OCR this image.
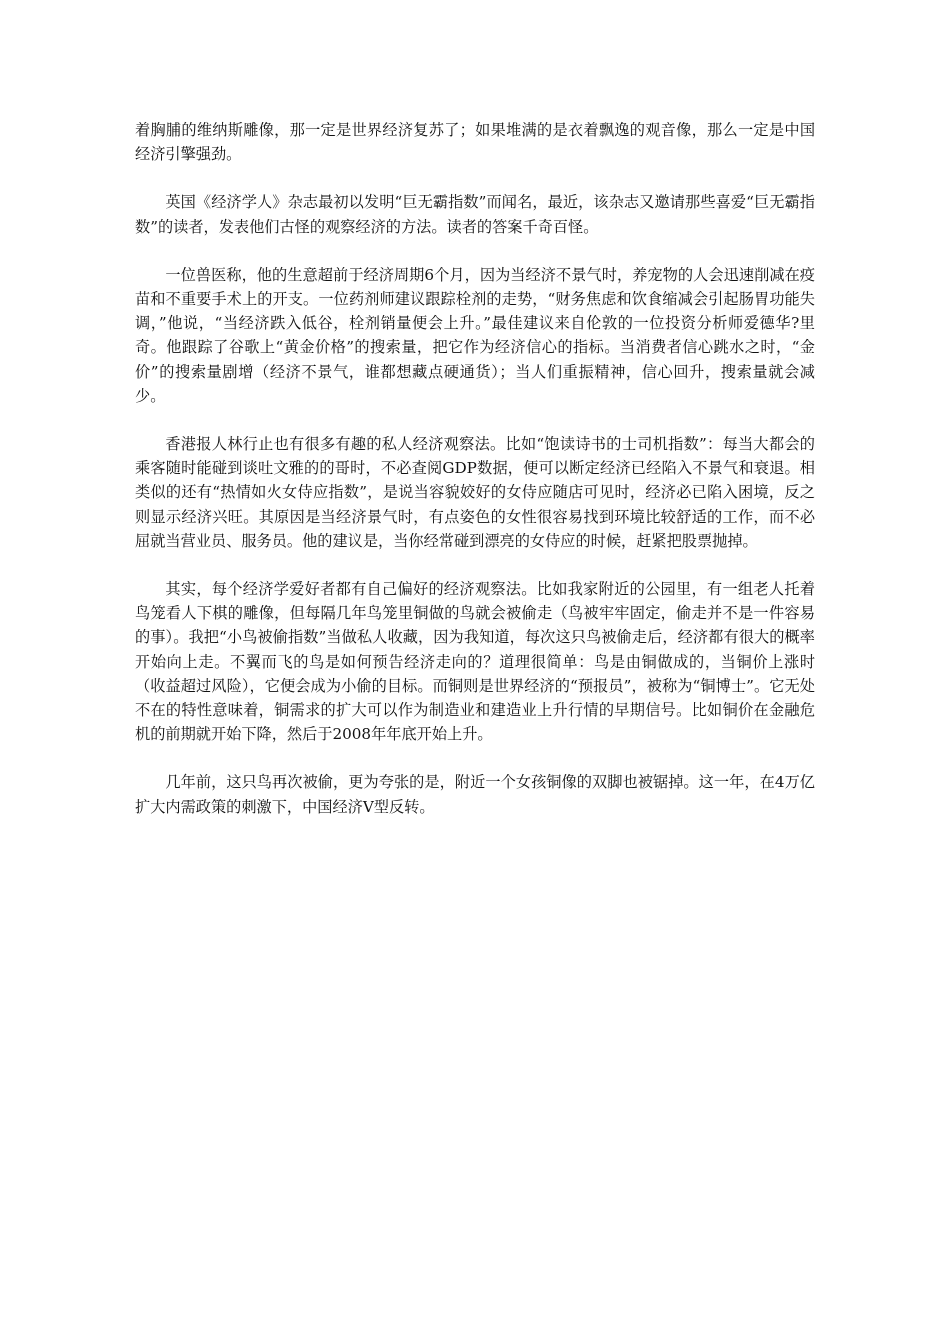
着胸脯的维纳斯雕像，那一定是世界经济复苏了；如果堆满的是衣着飘逸的观音像，那么一定是中国经济引擎强劲。

英国《经济学人》杂志最初以发明“巨无霸指数”而闻名，最近，该杂志又邀请那些喜爱“巨无霸指数”的读者，发表他们古怪的观察经济的方法。读者的答案千奇百怪。

一位兽医称，他的生意超前于经济周期6个月，因为当经济不景气时，养宠物的人会迅速削减在疫苗和不重要手术上的开支。一位药剂师建议跟踪栓剂的走势，“财务焦虑和饮食缩减会引起肠胃功能失调，”他说，“当经济跌入低谷，栓剂销量便会上升。”最佳建议来自伦敦的一位投资分析师爱德华?里奇。他跟踪了谷歌上“黄金价格”的搜索量，把它作为经济信心的指标。当消费者信心跳水之时，“金价”的搜索量剧增（经济不景气，谁都想藏点硬通货）；当人们重振精神，信心回升，搜索量就会减少。

香港报人林行止也有很多有趣的私人经济观察法。比如“饱读诗书的士司机指数”：每当大都会的乘客随时能碰到谈吐文雅的的哥时，不必查阅GDP数据，便可以断定经济已经陷入不景气和衰退。相类似的还有“热情如火女侍应指数”，是说当容貌姣好的女侍应随店可见时，经济必已陷入困境，反之则显示经济兴旺。其原因是当经济景气时，有点姿色的女性很容易找到环境比较舒适的工作，而不必屈就当营业员、服务员。他的建议是，当你经常碰到漂亮的女侍应的时候，赶紧把股票抛掉。

其实，每个经济学爱好者都有自己偏好的经济观察法。比如我家附近的公园里，有一组老人托着鸟笼看人下棋的雕像，但每隔几年鸟笼里铜做的鸟就会被偷走（鸟被牢牢固定，偷走并不是一件容易的事）。我把“小鸟被偷指数”当做私人收藏，因为我知道，每次这只鸟被偷走后，经济都有很大的概率开始向上走。不翼而飞的鸟是如何预告经济走向的？道理很简单：鸟是由铜做成的，当铜价上涨时（收益超过风险），它便会成为小偷的目标。而铜则是世界经济的“预报员”，被称为“铜博士”。它无处不在的特性意味着，铜需求的扩大可以作为制造业和建造业上升行情的早期信号。比如铜价在金融危机的前期就开始下降，然后于2008年年底开始上升。

几年前，这只鸟再次被偷，更为夸张的是，附近一个女孩铜像的双脚也被锯掉。这一年，在4万亿扩大内需政策的刺激下，中国经济V型反转。
